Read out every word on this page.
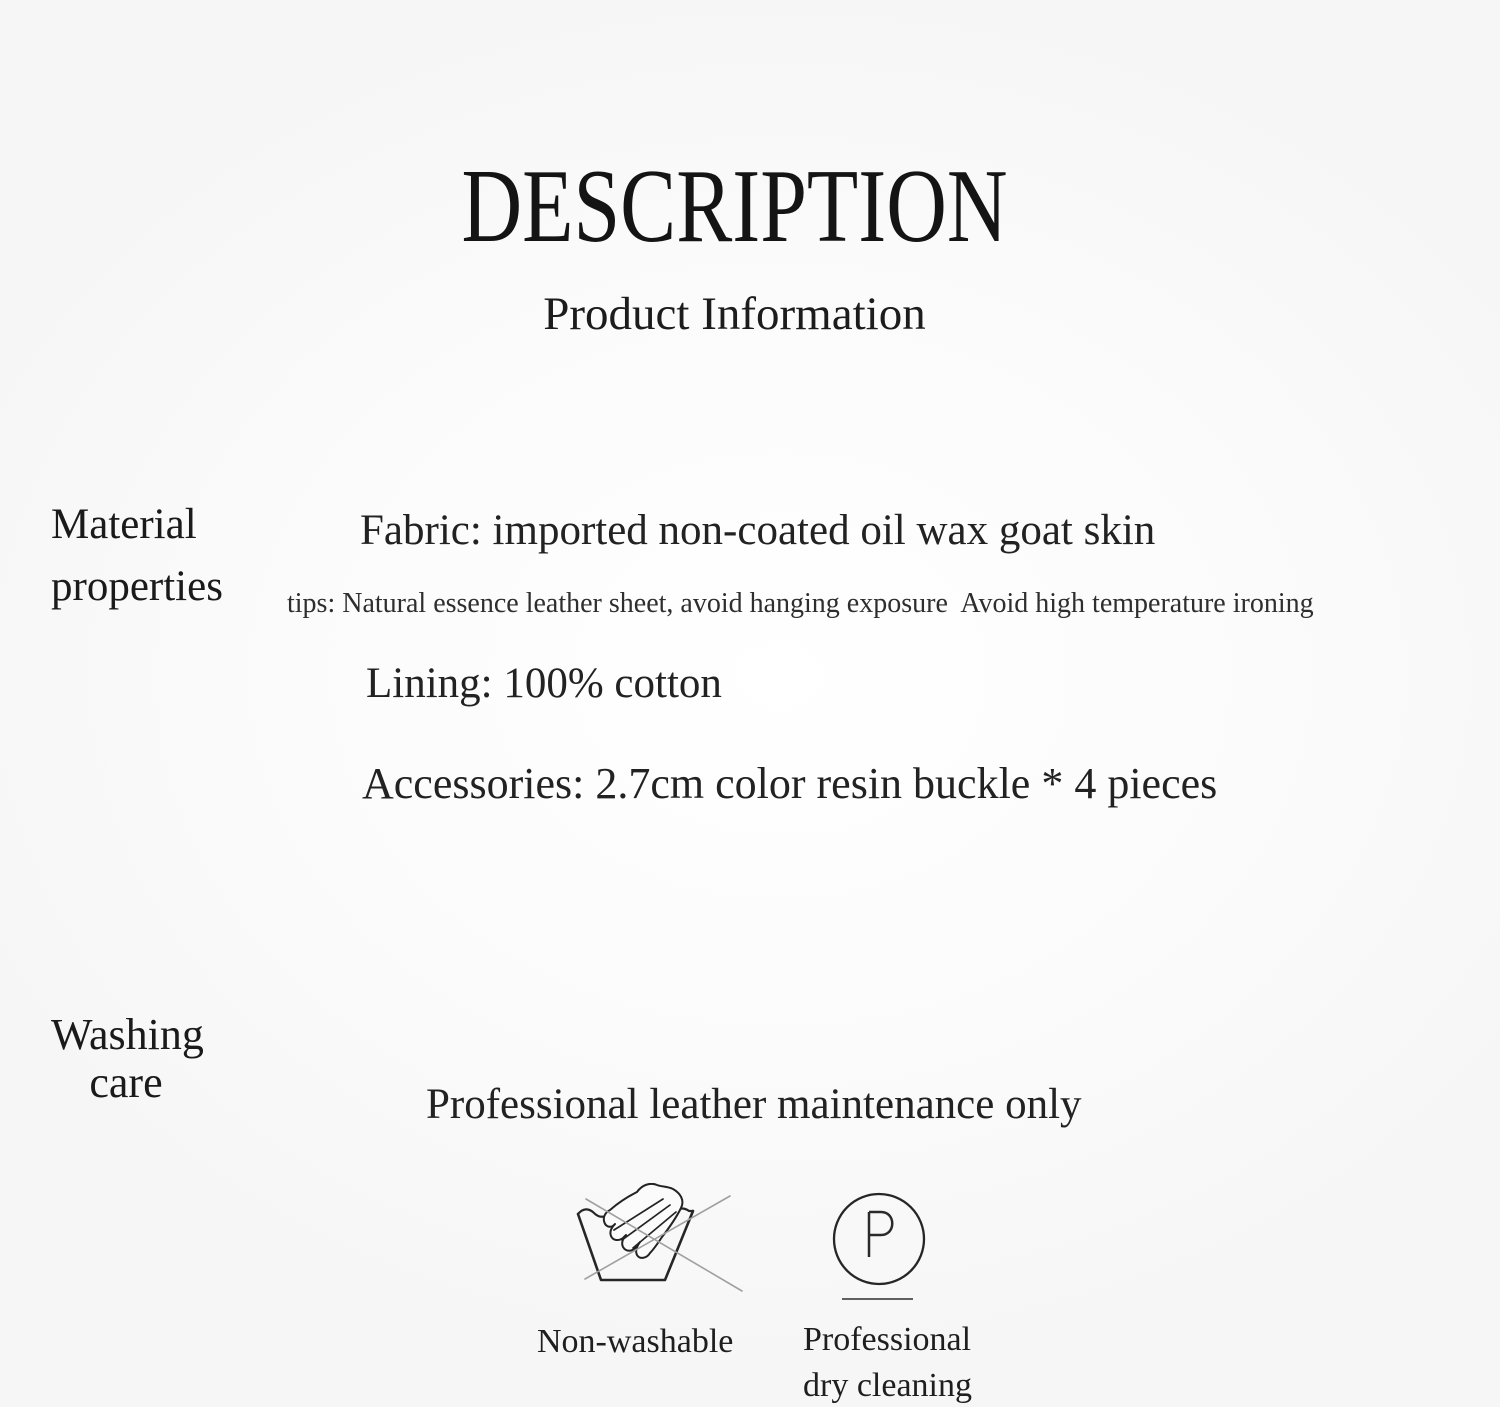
DESCRIPTION
Product Information
Material
properties
Fabric: imported non-coated oil wax goat skin
tips: Natural essence leather sheet, avoid hanging exposure  Avoid high temperature ironing
Lining: 100% cotton
Accessories: 2.7cm color resin buckle * 4 pieces
Washing
care	Professional leather maintenance only
Non-washable Professional
dry cleaning
